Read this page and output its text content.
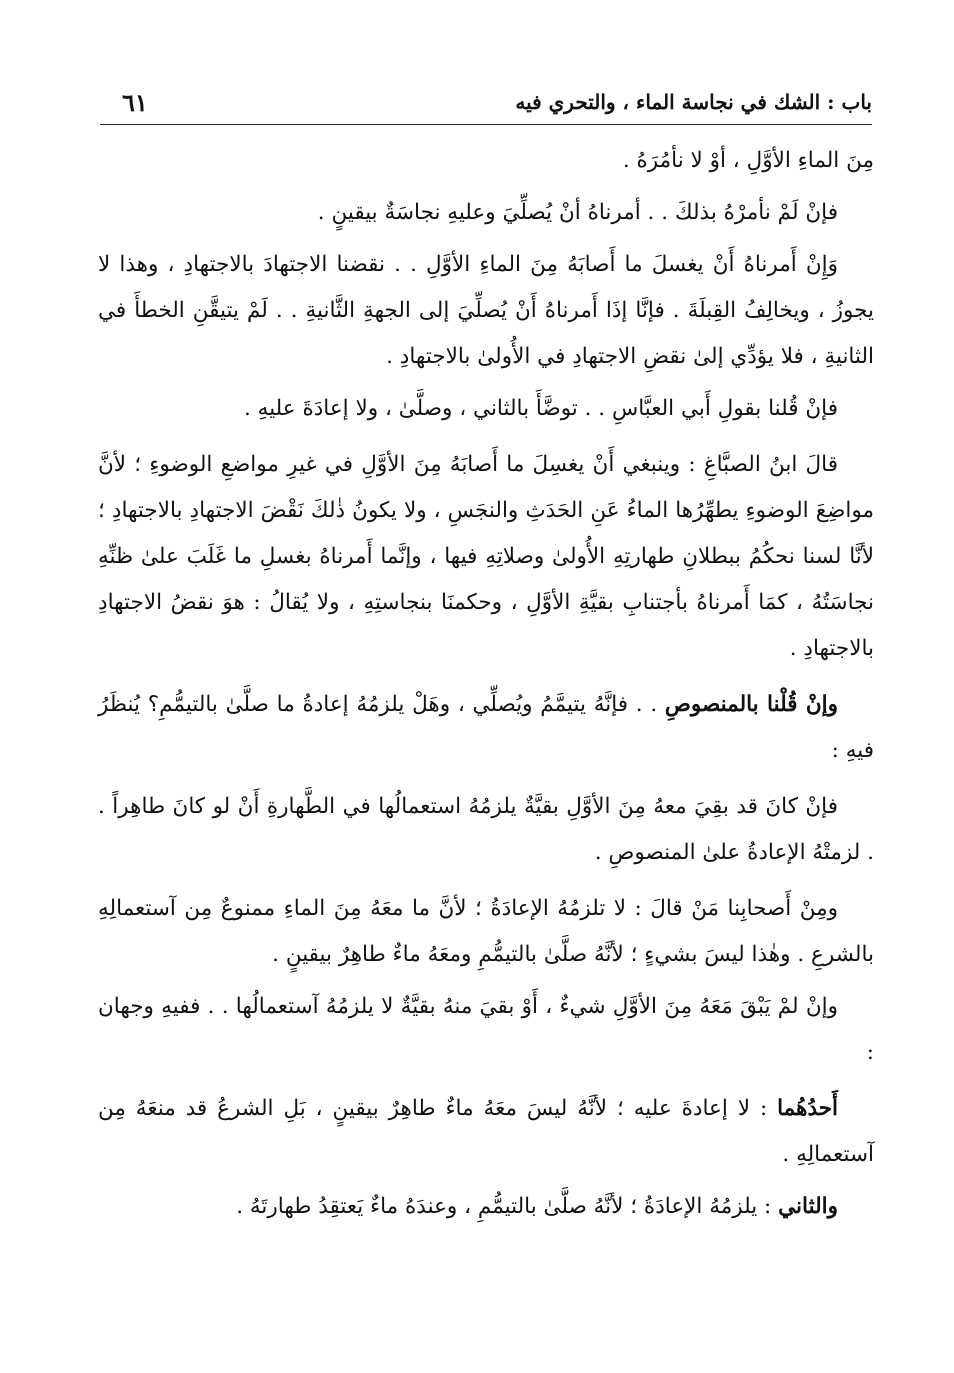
باب : الشك في نجاسة الماء ، والتحري فيه
٦١

مِنَ الماءِ الأوَّلِ ، أوْ لا نأمُرَهُ .

فإنْ لَمْ نأمرْهُ بذلكَ . . أمرناهُ أنْ يُصلِّيَ وعليهِ نجاسَةٌ بيقينٍ .

وَإِنْ أَمرناهُ أَنْ يغسلَ ما أَصابَهُ مِنَ الماءِ الأوَّلِ . . نقضنا الاجتهادَ بالاجتهادِ ، وهذا لا يجوزُ ، ويخالِفُ القِبلَةَ . فإنَّا إذَا أَمرناهُ أَنْ يُصلِّيَ إلى الجهةِ الثَّانيةِ . . لَمْ يتيقَّنِ الخطأَ في الثانيةِ ، فلا يؤدِّي إلىٰ نقضِ الاجتهادِ في الأُولىٰ بالاجتهادِ .

فإنْ قُلنا بقولِ أَبي العبَّاسِ . . توضَّأَ بالثاني ، وصلَّىٰ ، ولا إعادَةَ عليهِ .

قالَ ابنُ الصبَّاغِ : وينبغي أَنْ يغسِلَ ما أَصابَهُ مِنَ الأوَّلِ في غيرِ مواضعِ الوضوءِ ؛ لأنَّ مواضِعَ الوضوءِ يطهِّرُها الماءُ عَنِ الحَدَثِ والنجَسِ ، ولا يكونُ ذٰلكَ نَقْضَ الاجتهادِ بالاجتهادِ ؛ لأنَّا لسنا نحكُمُ ببطلانِ طهارتِهِ الأُولىٰ وصلاتِهِ فيها ، وإنَّما أَمرناهُ بغسلِ ما غَلَبَ علىٰ ظنِّهِ نجاسَتُهُ ، كمَا أَمرناهُ بأجتنابِ بقيَّةِ الأوَّلِ ، وحكمنَا بنجاستِهِ ، ولا يُقالُ : هوَ نقضُ الاجتهادِ بالاجتهادِ .

وإنْ قُلْنا بالمنصوصِ . . فإنَّهُ يتيمَّمُ ويُصلِّي ، وهَلْ يلزمُهُ إعادةُ ما صلَّىٰ بالتيمُّمِ؟ يُنظَرُ فيهِ :

فإنْ كانَ قد بقِيَ معهُ مِنَ الأوَّلِ بقيَّةٌ يلزمُهُ استعمالُها في الطَّهارةِ أَنْ لو كانَ طاهِراً . . لزمتْهُ الإعادةُ علىٰ المنصوصِ .

ومِنْ أَصحابِنا مَنْ قالَ : لا تلزمُهُ الإعادَةُ ؛ لأنَّ ما معَهُ مِنَ الماءِ ممنوعٌ مِن آستعمالِهِ بالشرعِ . وهٰذا ليسَ بشيءٍ ؛ لأنَّهُ صلَّىٰ بالتيمُّمِ ومعَهُ ماءٌ طاهِرٌ بيقينٍ .

وإنْ لمْ يَبْقَ مَعَهُ مِنَ الأوَّلِ شيءٌ ، أَوْ بقيَ منهُ بقيَّةٌ لا يلزمُهُ آستعمالُها . . ففيهِ وجهان :

أَحدُهُما : لا إعادةَ عليه ؛ لأنَّهُ ليسَ معَهُ ماءٌ طاهِرٌ بيقينٍ ، بَلِ الشرعُ قد منعَهُ مِن آستعمالِهِ .

والثاني : يلزمُهُ الإعادَةُ ؛ لأنَّهُ صلَّىٰ بالتيمُّمِ ، وعندَهُ ماءٌ يَعتقِدُ طهارتَهُ .
